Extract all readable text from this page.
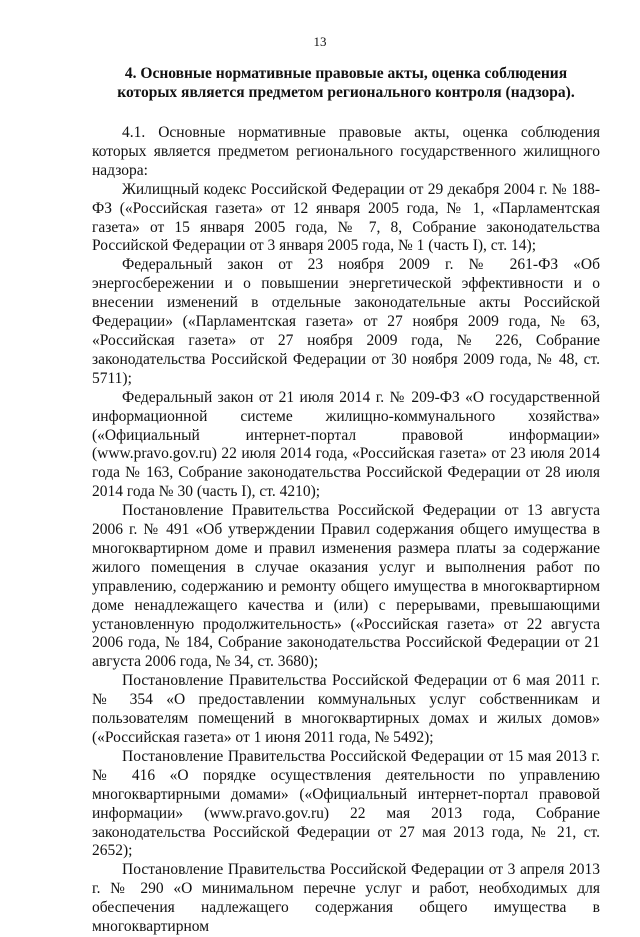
13
4. Основные нормативные правовые акты, оценка соблюдения
которых является предметом регионального контроля (надзора).

4.1. Основные нормативные правовые акты, оценка соблюдения которых является предметом регионального государственного жилищного надзора:

Жилищный кодекс Российской Федерации от 29 декабря 2004 г. № 188-ФЗ («Российская газета» от 12 января 2005 года, № 1, «Парламентская газета» от 15 января 2005 года, № 7, 8, Собрание законодательства Российской Федерации от 3 января 2005 года, № 1 (часть I), ст. 14);

Федеральный закон от 23 ноября 2009 г. № 261-ФЗ «Об энергосбережении и о повышении энергетической эффективности и о внесении изменений в отдельные законодательные акты Российской Федерации» («Парламентская газета» от 27 ноября 2009 года, № 63, «Российская газета» от 27 ноября 2009 года, № 226, Собрание законодательства Российской Федерации от 30 ноября 2009 года, № 48, ст. 5711);

Федеральный закон от 21 июля 2014 г. № 209-ФЗ «О государственной информационной системе жилищно-коммунального хозяйства» («Официальный интернет-портал правовой информации» (www.pravo.gov.ru) 22 июля 2014 года, «Российская газета» от 23 июля 2014 года № 163, Собрание законодательства Российской Федерации от 28 июля 2014 года № 30 (часть I), ст. 4210);

Постановление Правительства Российской Федерации от 13 августа 2006 г. № 491 «Об утверждении Правил содержания общего имущества в многоквартирном доме и правил изменения размера платы за содержание жилого помещения в случае оказания услуг и выполнения работ по управлению, содержанию и ремонту общего имущества в многоквартирном доме ненадлежащего качества и (или) с перерывами, превышающими установленную продолжительность» («Российская газета» от 22 августа 2006 года, № 184, Собрание законодательства Российской Федерации от 21 августа 2006 года, № 34, ст. 3680);

Постановление Правительства Российской Федерации от 6 мая 2011 г. № 354 «О предоставлении коммунальных услуг собственникам и пользователям помещений в многоквартирных домах и жилых домов» («Российская газета» от 1 июня 2011 года, № 5492);

Постановление Правительства Российской Федерации от 15 мая 2013 г. № 416 «О порядке осуществления деятельности по управлению многоквартирными домами» («Официальный интернет-портал правовой информации» (www.pravo.gov.ru) 22 мая 2013 года, Собрание законодательства Российской Федерации от 27 мая 2013 года, № 21, ст. 2652);

Постановление Правительства Российской Федерации от 3 апреля 2013 г. № 290 «О минимальном перечне услуг и работ, необходимых для обеспечения надлежащего содержания общего имущества в многоквартирном
